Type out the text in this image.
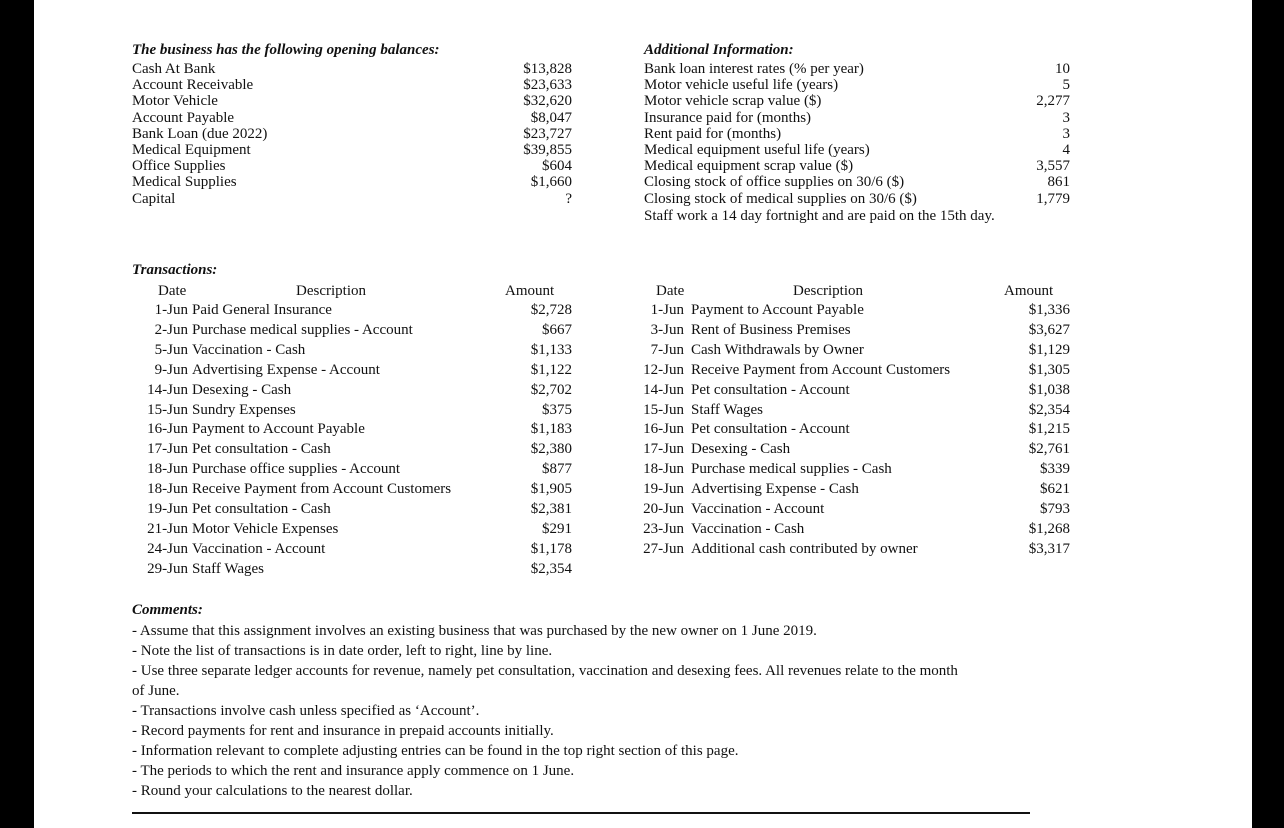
The business has the following opening balances:
Cash At Bank	$13,828
Account Receivable	$23,633
Motor Vehicle	$32,620
Account Payable	$8,047
Bank Loan (due 2022)	$23,727
Medical Equipment	$39,855
Office Supplies	$604
Medical Supplies	$1,660
Capital	?
Additional Information:
Bank loan interest rates (% per year)	10
Motor vehicle useful life (years)	5
Motor vehicle scrap value ($)	2,277
Insurance paid for (months)	3
Rent paid for (months)	3
Medical equipment useful life (years)	4
Medical equipment scrap value ($)	3,557
Closing stock of office supplies on 30/6 ($)	861
Closing stock of medical supplies on 30/6 ($)	1,779
Staff work a 14 day fortnight and are paid on the 15th day.
Transactions:
Date	Description	Amount	Date	Description	Amount
1-Jun Paid General Insurance	$2,728
2-Jun Purchase medical supplies - Account	$667
5-Jun Vaccination - Cash	$1,133
9-Jun Advertising Expense - Account	$1,122
14-Jun Desexing - Cash	$2,702
15-Jun Sundry Expenses	$375
16-Jun Payment to Account Payable	$1,183
17-Jun Pet consultation - Cash	$2,380
18-Jun Purchase office supplies - Account	$877
18-Jun Receive Payment from Account Customers	$1,905
19-Jun Pet consultation - Cash	$2,381
21-Jun Motor Vehicle Expenses	$291
24-Jun Vaccination - Account	$1,178
29-Jun Staff Wages	$2,354
1-Jun Payment to Account Payable	$1,336
3-Jun Rent of Business Premises	$3,627
7-Jun Cash Withdrawals by Owner	$1,129
12-Jun Receive Payment from Account Customers	$1,305
14-Jun Pet consultation - Account	$1,038
15-Jun Staff Wages	$2,354
16-Jun Pet consultation - Account	$1,215
17-Jun Desexing - Cash	$2,761
18-Jun Purchase medical supplies - Cash	$339
19-Jun Advertising Expense - Cash	$621
20-Jun Vaccination - Account	$793
23-Jun Vaccination - Cash	$1,268
27-Jun Additional cash contributed by owner	$3,317
Comments:
- Assume that this assignment involves an existing business that was purchased by the new owner on 1 June 2019.
- Note the list of transactions is in date order, left to right, line by line.
- Use three separate ledger accounts for revenue, namely pet consultation, vaccination and desexing fees. All revenues relate to the month
of June.
- Transactions involve cash unless specified as ‘Account’.
- Record payments for rent and insurance in prepaid accounts initially.
- Information relevant to complete adjusting entries can be found in the top right section of this page.
- The periods to which the rent and insurance apply commence on 1 June.
- Round your calculations to the nearest dollar.
